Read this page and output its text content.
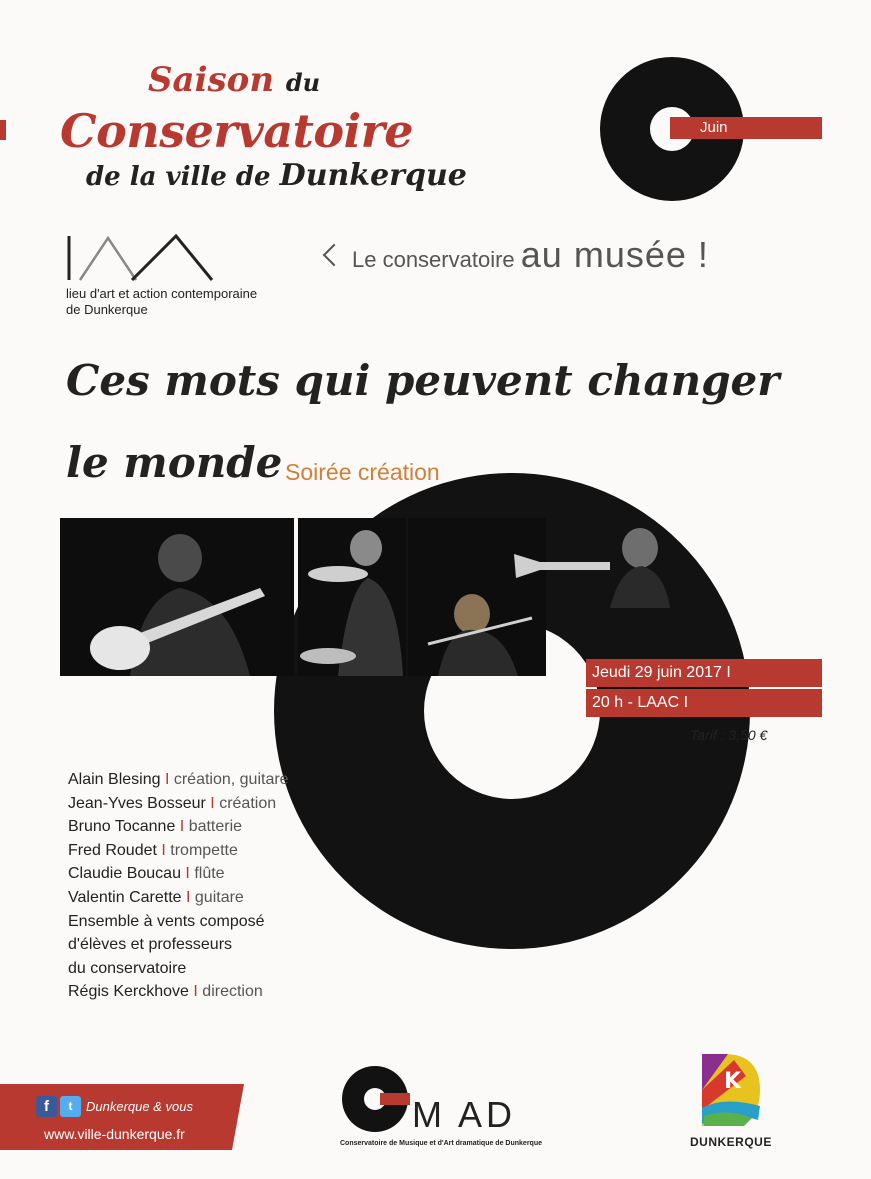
Saison du
Conservatoire
de la ville de Dunkerque
Juin
lieu d'art et action contemporaine
de Dunkerque
Le conservatoire au musée !
Ces mots qui peuvent changer
le monde Soirée création
Jeudi 29 juin 2017 I
20 h - LAAC I
Tarif : 3,50 €
Alain Blesing I création, guitare
Jean-Yves Bosseur I création
Bruno Tocanne I batterie
Fred Roudet I trompette
Claudie Boucau I flûte
Valentin Carette I guitare
Ensemble à vents composé
d'élèves et professeurs
du conservatoire
Régis Kerckhove I direction
f	t	Dunkerque & vous
www.ville-dunkerque.fr	M AD
Conservatoire de Musique et d'Art dramatique de Dunkerque
K
DUNKERQUE
